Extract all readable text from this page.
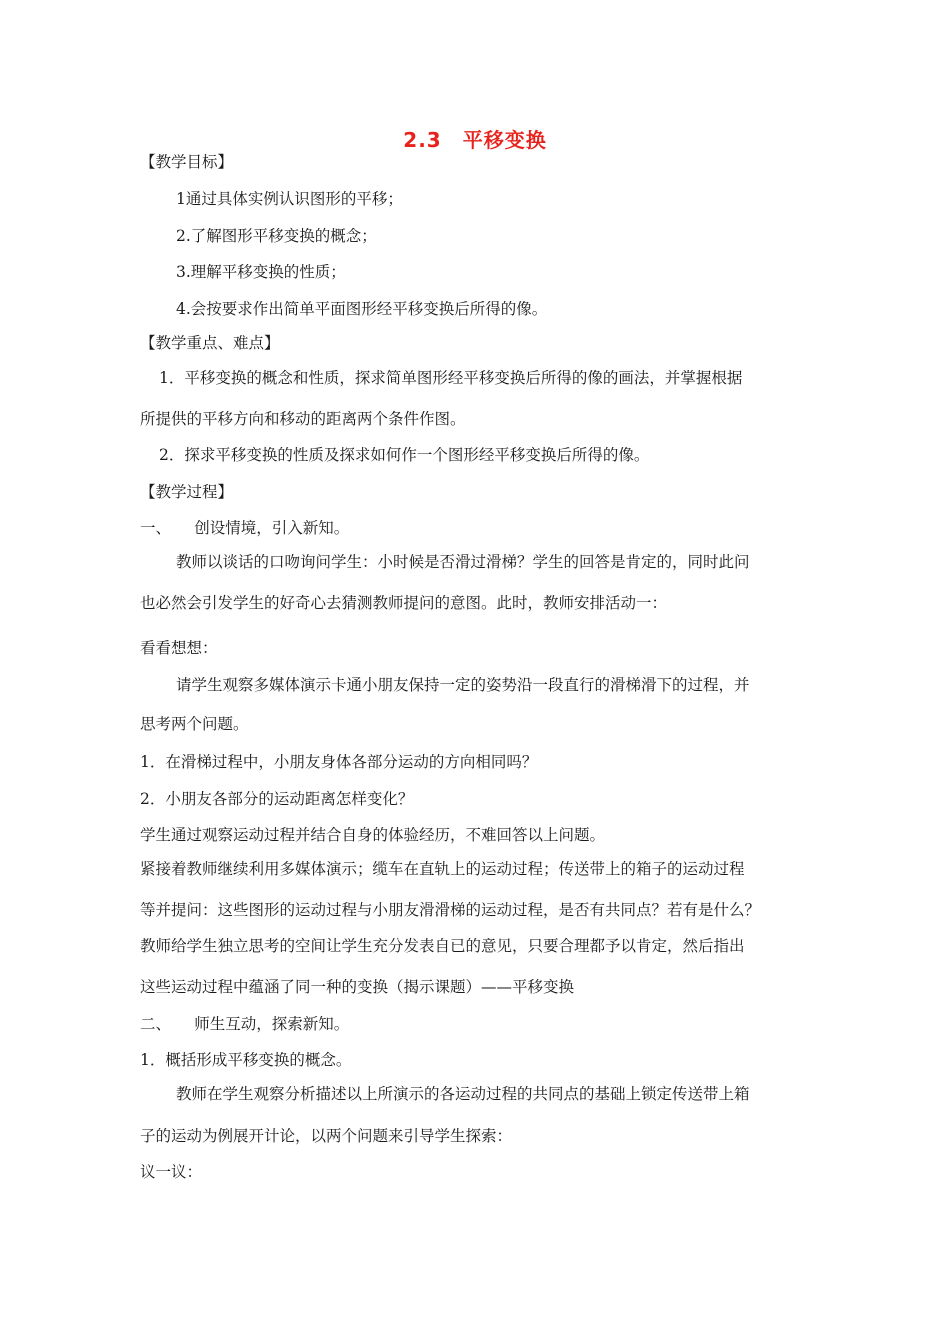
2.3　平移变换
【教学目标】
1通过具体实例认识图形的平移；
2.了解图形平移变换的概念；
3.理解平移变换的性质；
4.会按要求作出简单平面图形经平移变换后所得的像。
【教学重点、难点】
1．平移变换的概念和性质，探求简单图形经平移变换后所得的像的画法，并掌握根据
所提供的平移方向和移动的距离两个条件作图。
2．探求平移变换的性质及探求如何作一个图形经平移变换后所得的像。
【教学过程】
一、　　创设情境，引入新知。
教师以谈话的口吻询问学生：小时候是否滑过滑梯？学生的回答是肯定的，同时此问
也必然会引发学生的好奇心去猜测教师提问的意图。此时，教师安排活动一：
看看想想：
请学生观察多媒体演示卡通小朋友保持一定的姿势沿一段直行的滑梯滑下的过程，并
思考两个问题。
1．在滑梯过程中，小朋友身体各部分运动的方向相同吗？
2．小朋友各部分的运动距离怎样变化？
学生通过观察运动过程并结合自身的体验经历，不难回答以上问题。
紧接着教师继续利用多媒体演示；缆车在直轨上的运动过程；传送带上的箱子的运动过程
等并提问：这些图形的运动过程与小朋友滑滑梯的运动过程，是否有共同点？若有是什么？
教师给学生独立思考的空间让学生充分发表自已的意见，只要合理都予以肯定，然后指出
这些运动过程中蕴涵了同一种的变换（揭示课题）——平移变换
二、　　师生互动，探索新知。
1．概括形成平移变换的概念。
教师在学生观察分析描述以上所演示的各运动过程的共同点的基础上锁定传送带上箱
子的运动为例展开计论，以两个问题来引导学生探索：
议一议：
